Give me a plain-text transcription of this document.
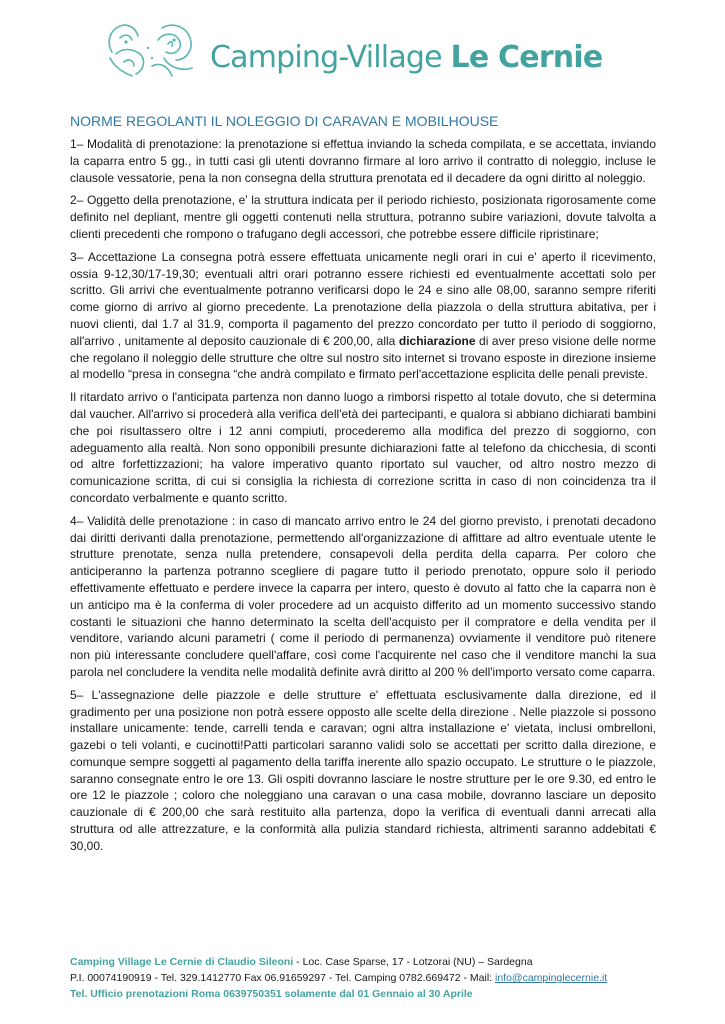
Camping-Village Le Cernie
NORME REGOLANTI IL NOLEGGIO DI CARAVAN E MOBILHOUSE

1– Modalità di prenotazione: la prenotazione si effettua inviando la scheda compilata, e se accettata, inviando la caparra entro 5 gg., in tutti casi gli utenti dovranno firmare al loro arrivo il contratto di noleggio, incluse le clausole vessatorie, pena la non consegna della struttura prenotata ed il decadere da ogni diritto al noleggio.

2– Oggetto della prenotazione, e' la struttura indicata per il periodo richiesto, posizionata rigorosamente come definito nel depliant, mentre gli oggetti contenuti nella struttura, potranno subire variazioni, dovute talvolta a clienti precedenti che rompono o trafugano degli accessori, che potrebbe essere difficile ripristinare;

3– Accettazione La consegna potrà essere effettuata unicamente negli orari in cui e' aperto il ricevimento, ossia 9-12,30/17-19,30; eventuali altri orari potranno essere richiesti ed eventualmente accettati solo per scritto. Gli arrivi che eventualmente potranno verificarsi dopo le 24 e sino alle 08,00, saranno sempre riferiti come giorno di arrivo al giorno precedente. La prenotazione della piazzola o della struttura abitativa, per i nuovi clienti, dal 1.7 al 31.9, comporta il pagamento del prezzo concordato per tutto il periodo di soggiorno, all'arrivo , unitamente al deposito cauzionale di € 200,00, alla dichiarazione di aver preso visione delle norme che regolano il noleggio delle strutture che oltre sul nostro sito internet si trovano esposte in direzione insieme al modello “presa in consegna “che andrà compilato e firmato perl'accettazione esplicita delle penali previste.

Il ritardato arrivo o l'anticipata partenza non danno luogo a rimborsi rispetto al totale dovuto, che si determina dal vaucher. All'arrivo si procederà alla verifica dell'età dei partecipanti, e qualora si abbiano dichiarati bambini che poi risultassero oltre i 12 anni compiuti, procederemo alla modifica del prezzo di soggiorno, con adeguamento alla realtà. Non sono opponibili presunte dichiarazioni fatte al telefono da chicchesia, di sconti od altre forfettizzazioni; ha valore imperativo quanto riportato sul vaucher, od altro nostro mezzo di comunicazione scritta, di cui si consiglia la richiesta di correzione scritta in caso di non coincidenza tra il concordato verbalmente e quanto scritto.

4– Validità delle prenotazione : in caso di mancato arrivo entro le 24 del giorno previsto, i prenotati decadono dai diritti derivanti dalla prenotazione, permettendo all'organizzazione di affittare ad altro eventuale utente le strutture prenotate, senza nulla pretendere, consapevoli della perdita della caparra. Per coloro che anticiperanno la partenza potranno scegliere di pagare tutto il periodo prenotato, oppure solo il periodo effettivamente effettuato e perdere invece la caparra per intero, questo è dovuto al fatto che la caparra non è un anticipo ma è la conferma di voler procedere ad un acquisto differito ad un momento successivo stando costanti le situazioni che hanno determinato la scelta dell'acquisto per il compratore e della vendita per il venditore, variando alcuni parametri ( come il periodo di permanenza) ovviamente il venditore può ritenere non più interessante concludere quell'affare, così come l'acquirente nel caso che il venditore manchi la sua parola nel concludere la vendita nelle modalità definite avrà diritto al 200 % dell'importo versato come caparra.

5– L'assegnazione delle piazzole e delle strutture e' effettuata esclusivamente dalla direzione, ed il gradimento per una posizione non potrà essere opposto alle scelte della direzione . Nelle piazzole si possono installare unicamente: tende, carrelli tenda e caravan; ogni altra installazione e' vietata, inclusi ombrelloni, gazebi o teli volanti, e cucinotti!Patti particolari saranno validi solo se accettati per scritto dalla direzione, e comunque sempre soggetti al pagamento della tariffa inerente allo spazio occupato. Le strutture o le piazzole, saranno consegnate entro le ore 13. Gli ospiti dovranno lasciare le nostre strutture per le ore 9.30, ed entro le ore 12 le piazzole ; coloro che noleggiano una caravan o una casa mobile, dovranno lasciare un deposito cauzionale di € 200,00 che sarà restituito alla partenza, dopo la verifica di eventuali danni arrecati alla struttura od alle attrezzature, e la conformità alla pulizia standard richiesta, altrimenti saranno addebitati € 30,00.

Camping Village Le Cernie di Claudio Sileoni - Loc. Case Sparse, 17 - Lotzorai (NU) – Sardegna
P.I. 00074190919 - Tel. 329.1412770 Fax 06.91659297 - Tel. Camping 0782.669472 - Mail: info@campinglecernie.it
Tel. Ufficio prenotazioni Roma 0639750351 solamente dal 01 Gennaio al 30 Aprile
